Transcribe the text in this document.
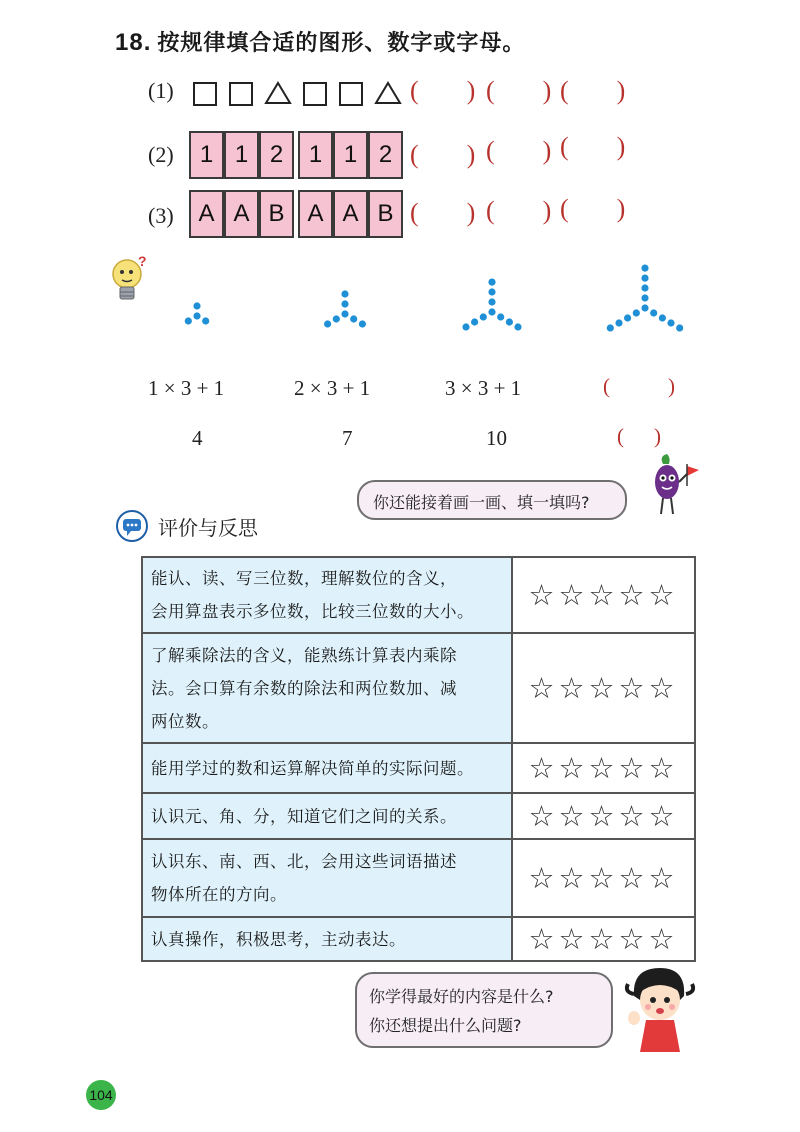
18. 按规律填合适的图形、数字或字母。
(1)	( ) ( ) ( )
(2)	1 1 2	1 1 2 ( ) ( ) ( )
(3)	A A B A A B ( ) ( ) ( )
?
1 × 3 + 1	2 × 3 + 1	3 × 3 + 1	(	)
4	7	10	( )
你还能接着画一画、填一填吗?
评价与反思
能认、读、写三位数，理解数位的含义，
会用算盘表示多位数，比较三位数的大小。	☆☆☆☆☆

了解乘除法的含义，能熟练计算表内乘除
法。会口算有余数的除法和两位数加、减
两位数。	☆☆☆☆☆

能用学过的数和运算解决简单的实际问题。	☆☆☆☆☆

认识元、角、分，知道它们之间的关系。	☆☆☆☆☆

认识东、南、西、北，会用这些词语描述
物体所在的方向。	☆☆☆☆☆

认真操作，积极思考，主动表达。	☆☆☆☆☆
你学得最好的内容是什么?
你还想提出什么问题?
104
